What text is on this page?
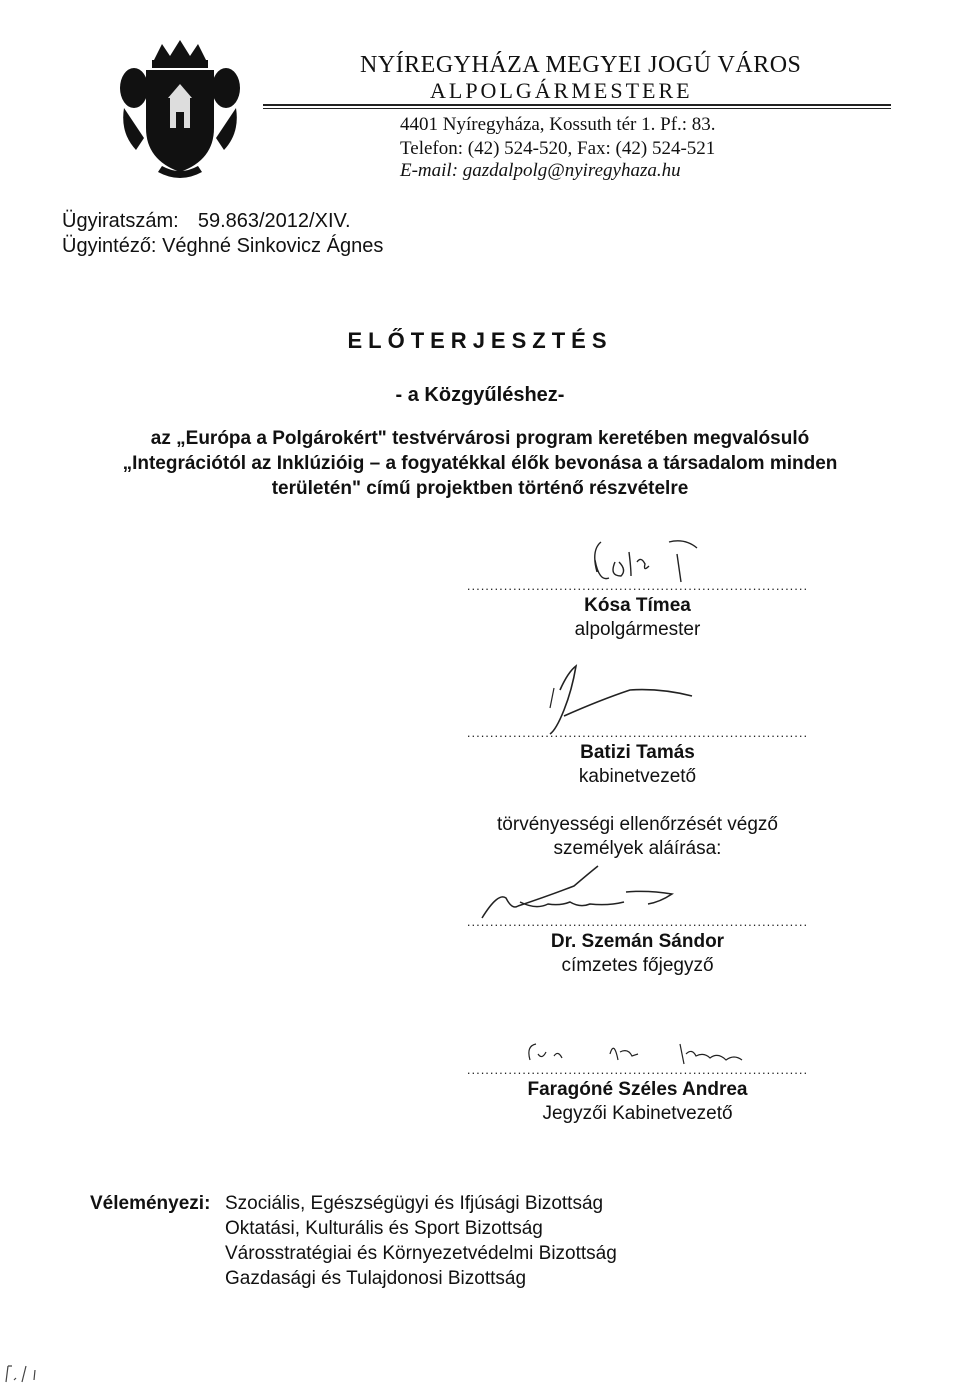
NYÍREGYHÁZA MEGYEI JOGÚ VÁROS
ALPOLGÁRMESTERE
4401 Nyíregyháza, Kossuth tér 1. Pf.: 83.
Telefon: (42) 524-520, Fax: (42) 524-521
E-mail: gazdalpolg@nyiregyhaza.hu
Ügyiratszám: 59.863/2012/XIV.
Ügyintéző: Véghné Sinkovicz Ágnes
ELŐTERJESZTÉS
- a Közgyűléshez-
az „Európa a Polgárokért" testvérvárosi program keretében megvalósuló
„Integrációtól az Inklúzióig – a fogyatékkal élők bevonása a társadalom minden
területén" című projektben történő részvételre
..........................................................................
Kósa Tímea
alpolgármester
..........................................................................
Batizi Tamás
kabinetvezető
törvényességi ellenőrzését végző
személyek aláírása:
..........................................................................
Dr. Szemán Sándor
címzetes főjegyző
..........................................................................
Faragóné Széles Andrea
Jegyzői Kabinetvezető
Véleményezi: Szociális, Egészségügyi és Ifjúsági Bizottság
Oktatási, Kulturális és Sport Bizottság
Városstratégiai és Környezetvédelmi Bizottság
Gazdasági és Tulajdonosi Bizottság
